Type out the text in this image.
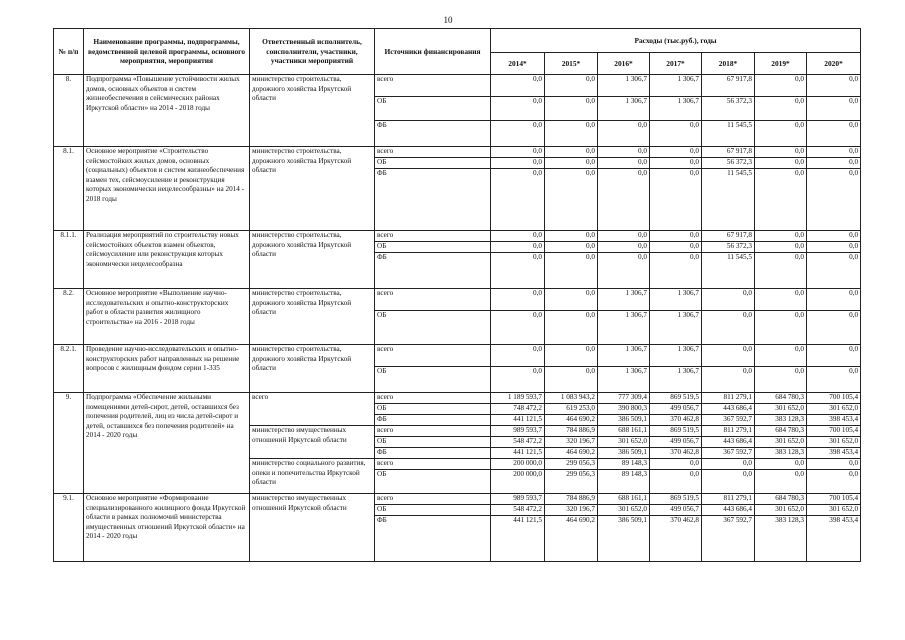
10
№ п/п	Наименование программы, подпрограммы, ведомственной целевой программы, основного мероприятия, мероприятия	Ответственный исполнитель, соисполнители, участники, участники мероприятий	Источники финансирования	Расходы (тыс.руб.), годы						
				2014*	2015*	2016*	2017*	2018*	2019*	2020*
8.	Подпрограмма «Повышение устойчивости жилых домов, основных объектов и систем жизнеобеспечения в сейсмических районах Иркутской области» на 2014 - 2018 годы	министерство строительства, дорожного хозяйства Иркутской области	всего	0,0	0,0	1 306,7	1 306,7	67 917,8	0,0	0,0
			ОБ	0,0	0,0	1 306,7	1 306,7	56 372,3	0,0	0,0
			ФБ	0,0	0,0	0,0	0,0	11 545,5	0,0	0,0
8.1.	Основное мероприятие «Строительство сейсмостойких жилых домов, основных (социальных) объектов и систем жизнеобеспечения взамен тех, сейсмоусиление и реконструкция которых экономически нецелесообразны» на 2014 - 2018 годы	министерство строительства, дорожного хозяйства Иркутской области	всего	0,0	0,0	0,0	0,0	67 917,8	0,0	0,0
			ОБ	0,0	0,0	0,0	0,0	56 372,3	0,0	0,0
			ФБ	0,0	0,0	0,0	0,0	11 545,5	0,0	0,0
8.1.1.	Реализация мероприятий по строительству новых сейсмостойких объектов взамен объектов, сейсмоусиление или реконструкция которых экономически нецелесообразна	министерство строительства, дорожного хозяйства Иркутской области	всего	0,0	0,0	0,0	0,0	67 917,8	0,0	0,0
			ОБ	0,0	0,0	0,0	0,0	56 372,3	0,0	0,0
			ФБ	0,0	0,0	0,0	0,0	11 545,5	0,0	0,0
8.2.	Основное мероприятие «Выполнение научно-исследовательских и опытно-конструкторских работ в области развития жилищного строительства» на 2016 - 2018 годы	министерство строительства, дорожного хозяйства Иркутской области	всего	0,0	0,0	1 306,7	1 306,7	0,0	0,0	0,0
			ОБ	0,0	0,0	1 306,7	1 306,7	0,0	0,0	0,0
8.2.1.	Проведение научно-исследовательских и опытно-конструкторских работ направленных на решение вопросов с жилищным фондом серии 1-335	министерство строительства, дорожного хозяйства Иркутской области	всего	0,0	0,0	1 306,7	1 306,7	0,0	0,0	0,0
			ОБ	0,0	0,0	1 306,7	1 306,7	0,0	0,0	0,0
9.	Подпрограмма «Обеспечение жильными помещениями детей-сирот, детей, оставшихся без попечения родителей, лиц из числа детей-сирот и детей, оставшихся без попечения родителей» на 2014 - 2020 годы	всего	всего	1 189 593,7	1 083 943,2	777 309,4	869 519,5	811 279,1	684 780,3	700 105,4
			ОБ	748 472,2	619 253,0	390 800,3	499 056,7	443 686,4	301 652,0	301 652,0
			ФБ	441 121,5	464 690,2	386 509,1	370 462,8	367 592,7	383 128,3	398 453,4
		министерство имущественных отношений Иркутской области	всего	989 593,7	784 886,9	688 161,1	869 519,5	811 279,1	684 780,3	700 105,4
			ОБ	548 472,2	320 196,7	301 652,0	499 056,7	443 686,4	301 652,0	301 652,0
			ФБ	441 121,5	464 690,2	386 509,1	370 462,8	367 592,7	383 128,3	398 453,4
		министерство социального развития, опеки и попечительства Иркутской области	всего	200 000,0	299 056,3	89 148,3	0,0	0,0	0,0	0,0
			ОБ	200 000,0	299 056,3	89 148,3	0,0	0,0	0,0	0,0
9.1.	Основное мероприятие «Формирование специализированного жилищного фонда Иркутской области в рамках полномочий министерства имущественных отношений Иркутской области» на 2014 - 2020 годы	министерство имущественных отношений Иркутской области	всего	989 593,7	784 886,9	688 161,1	869 519,5	811 279,1	684 780,3	700 105,4
			ОБ	548 472,2	320 196,7	301 652,0	499 056,7	443 686,4	301 652,0	301 652,0
			ФБ	441 121,5	464 690,2	386 509,1	370 462,8	367 592,7	383 128,3	398 453,4
